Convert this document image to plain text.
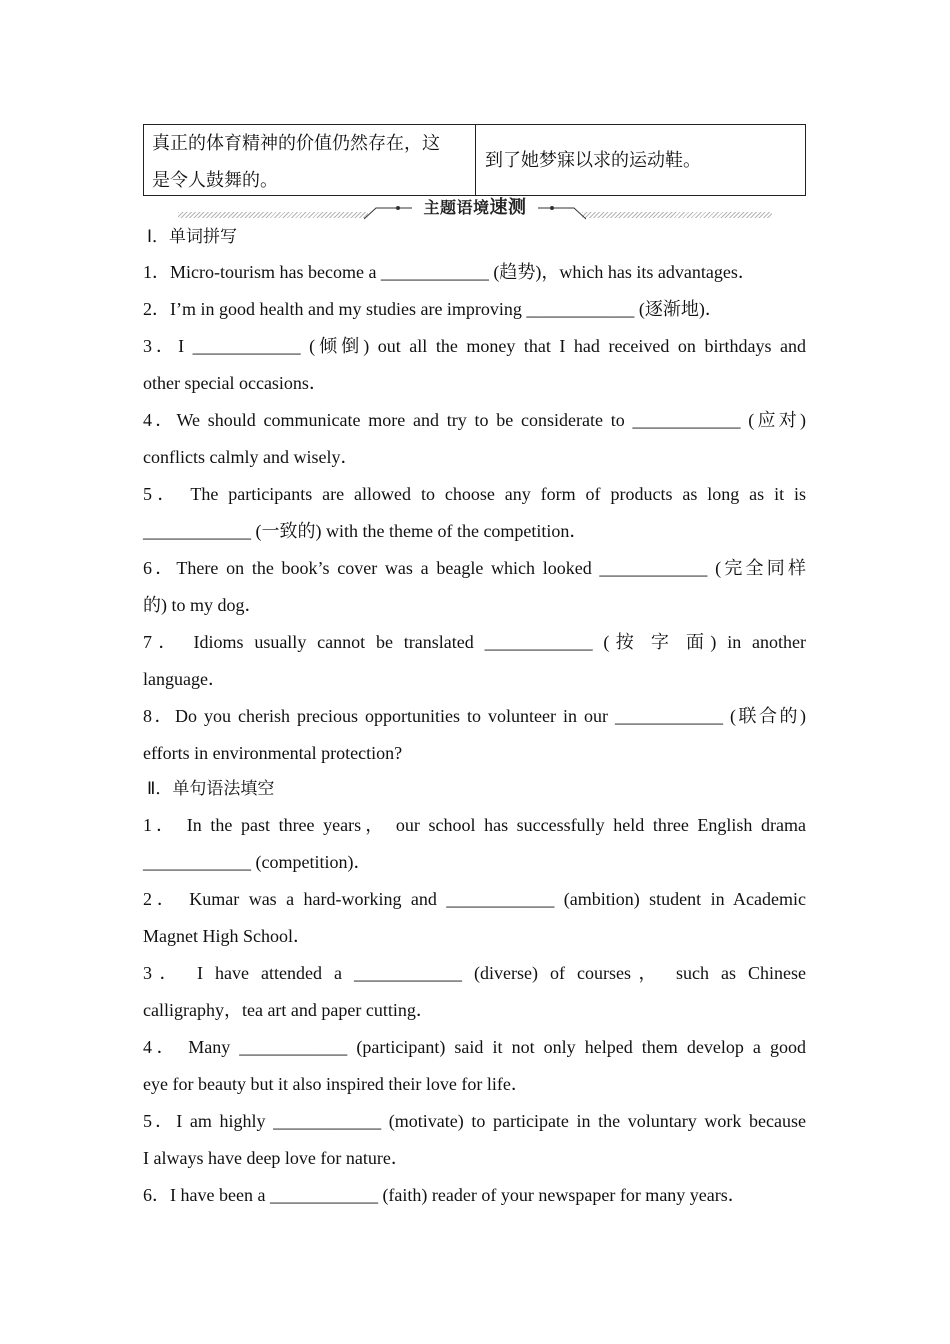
真正的体育精神的价值仍然存在，这
是令人鼓舞的。
到了她梦寐以求的运动鞋。
主题语境速测
Ⅰ．单词拼写
1．Micro-tourism has become a ____________ (趋势)，which has its advantages．
2．I’m in good health and my studies are improving ____________ (逐渐地)．
3．I ____________ (倾倒) out all the money that I had received on birthdays and
other special occasions．
4．We should communicate more and try to be considerate to ____________ (应对)
conflicts calmly and wisely．
5． The participants are allowed to choose any form of products as long as it is
____________ (一致的) with the theme of the competition．
6．There on the book’s cover was a beagle which looked ____________ (完全同样
的) to my dog．
7． Idioms usually cannot be translated ____________ (按 字 面) in another
language．
8．Do you cherish precious opportunities to volunteer in our ____________ (联合的)
efforts in environmental protection?
Ⅱ．单句语法填空
1． In the past three years， our school has successfully held three English drama
____________ (competition)．
2． Kumar was a hard-working and ____________ (ambition) student in Academic
Magnet High School．
3． I have attended a ____________ (diverse) of courses， such as Chinese
calligraphy，tea art and paper cutting．
4． Many ____________ (participant) said it not only helped them develop a good
eye for beauty but it also inspired their love for life．
5．I am highly ____________ (motivate) to participate in the voluntary work because
I always have deep love for nature．
6．I have been a ____________ (faith) reader of your newspaper for many years．
